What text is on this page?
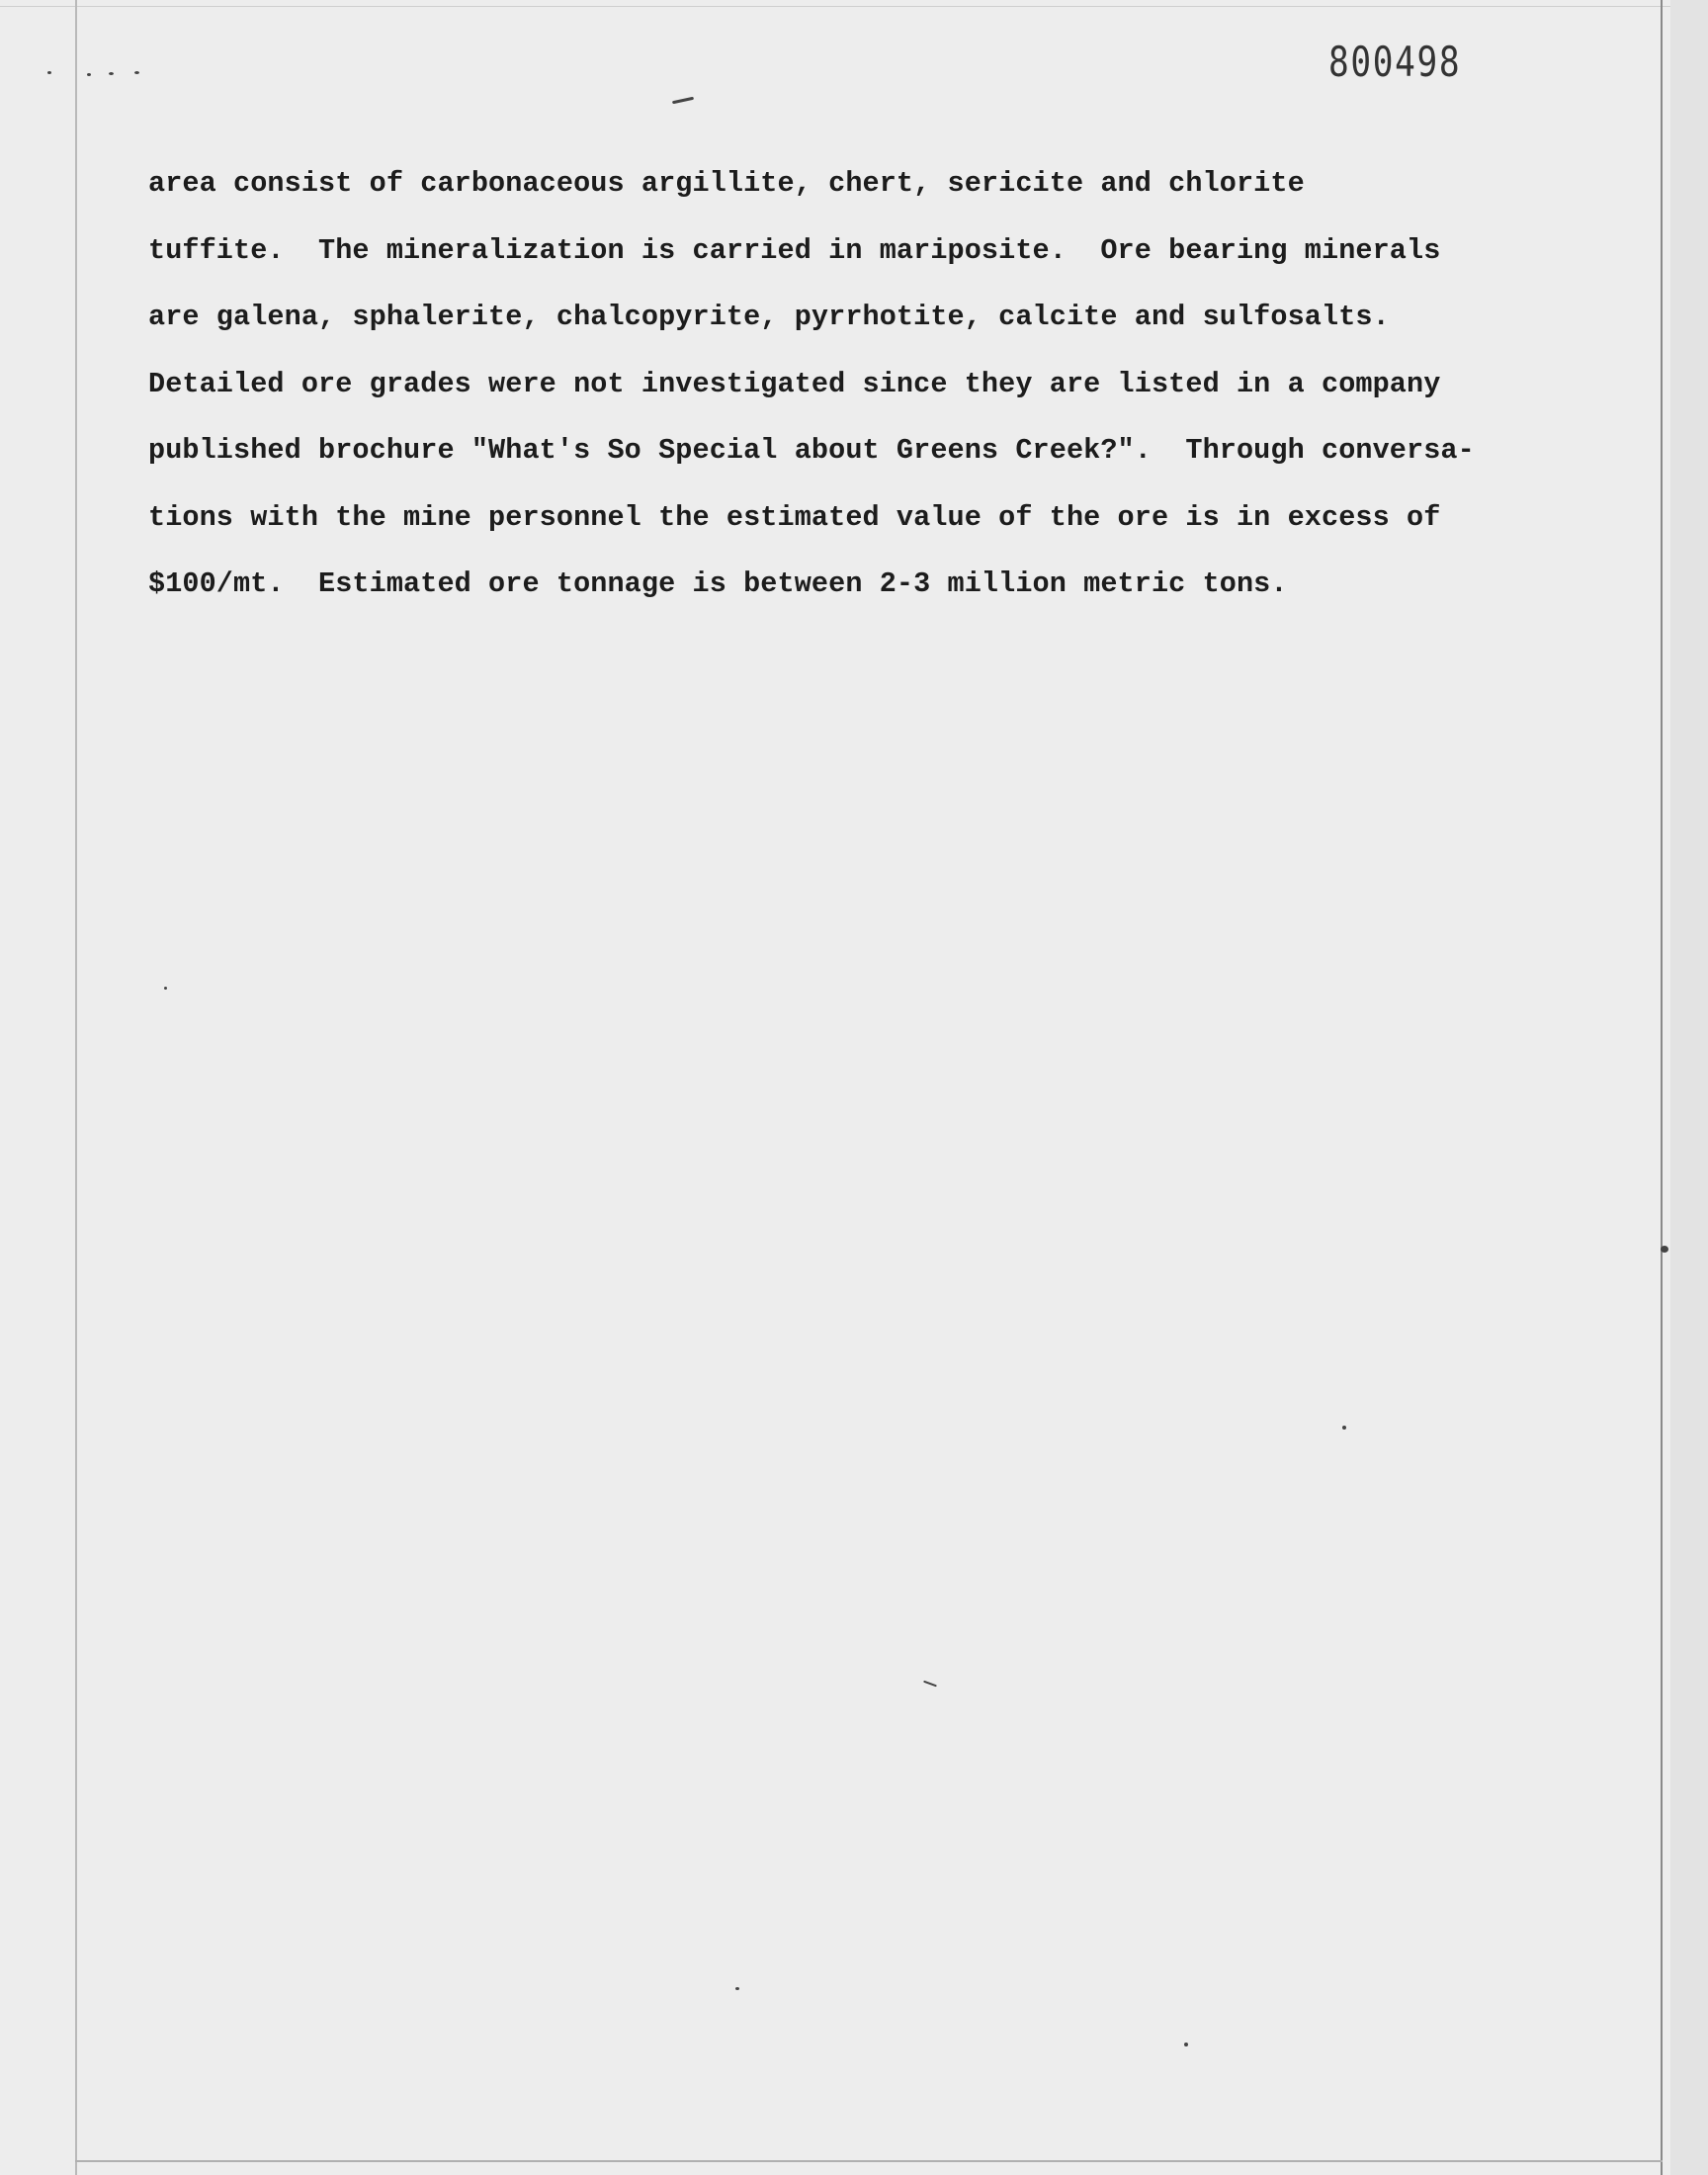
800498
area consist of carbonaceous argillite, chert, sericite and chlorite
tuffite.  The mineralization is carried in mariposite.  Ore bearing minerals
are galena, sphalerite, chalcopyrite, pyrrhotite, calcite and sulfosalts.
Detailed ore grades were not investigated since they are listed in a company
published brochure "What's So Special about Greens Creek?".  Through conversa-
tions with the mine personnel the estimated value of the ore is in excess of
$100/mt.  Estimated ore tonnage is between 2-3 million metric tons.
